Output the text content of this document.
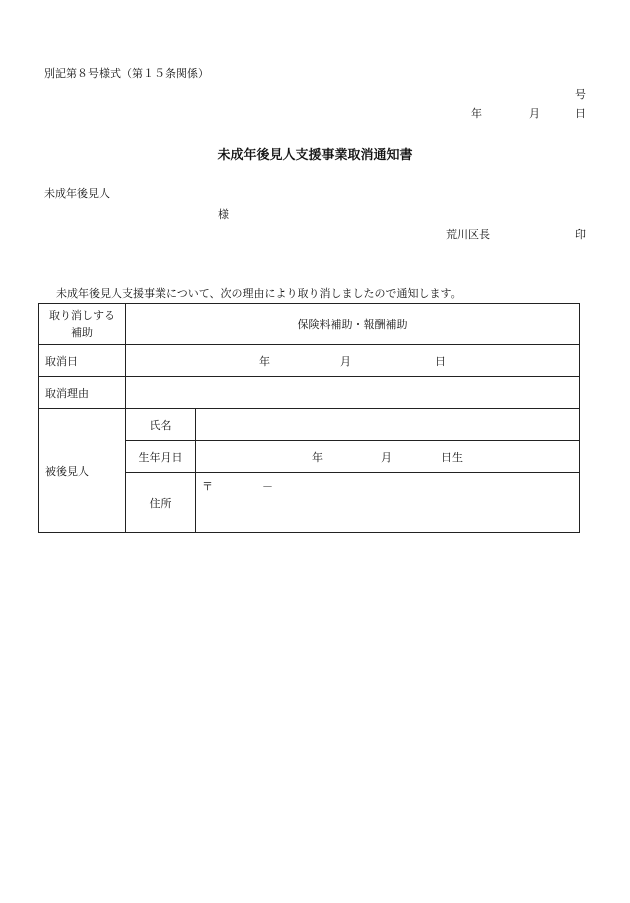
別記第８号様式（第１５条関係）
号
年	月	日
未成年後見人支援事業取消通知書
未成年後見人
様
荒川区長	印
未成年後見人支援事業について、次の理由により取り消しましたので通知します。
取り消しする
補助	保険料補助・報酬補助	
取消日	年 月 日	

取消理由		
被後見人	氏名	
	生年月日	年 月 日生

	住所	〒 －
